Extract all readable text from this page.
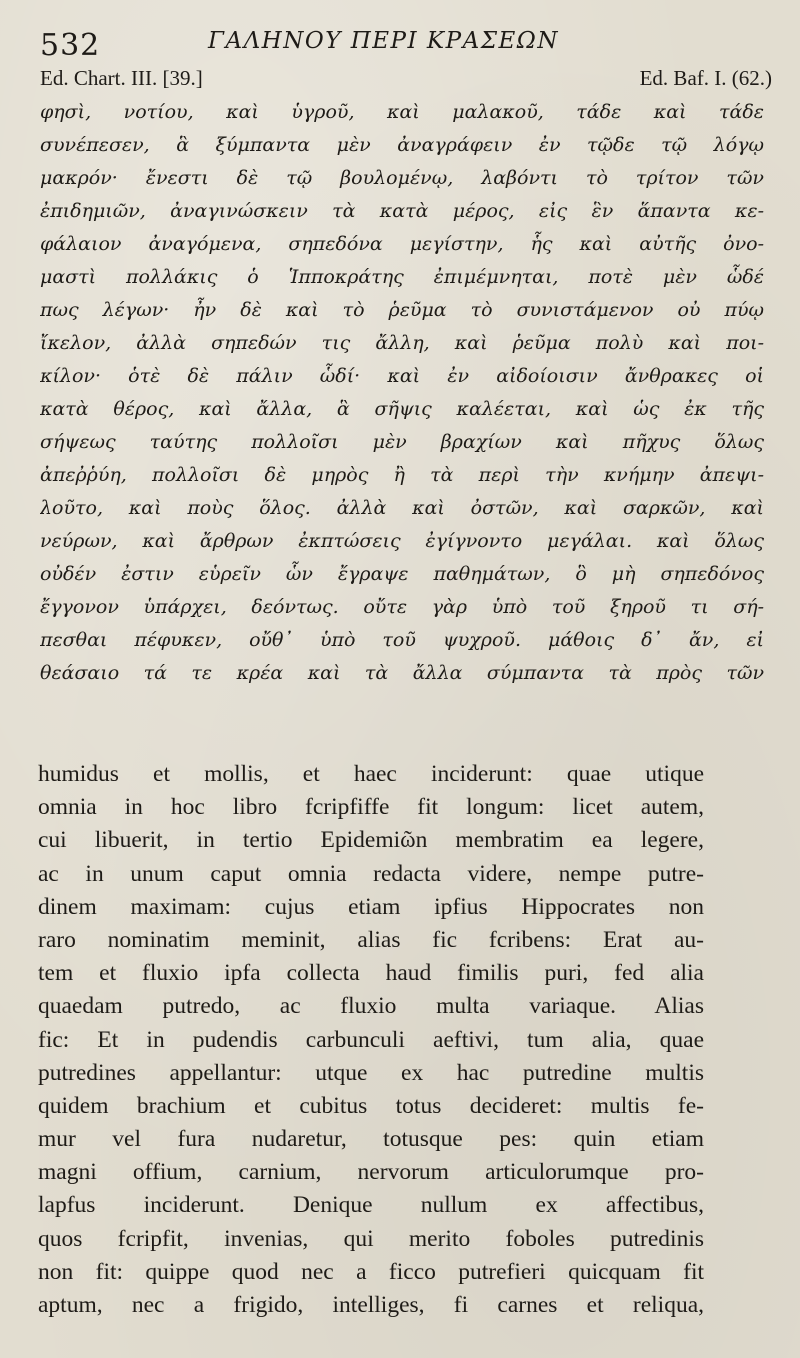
532	ΓΑΛΗΝΟΥ ΠΕΡΙ ΚΡΑΣΕΩΝ
Ed. Chart. III. [39.]	Ed. Baf. I. (62.)
φησὶ, νοτίου, καὶ ὑγροῦ, καὶ μαλακοῦ, τάδε καὶ τάδε
συνέπεσεν, ἃ ξύμπαντα μὲν ἀναγράφειν ἐν τῷδε τῷ λόγῳ
μακρόν· ἔνεστι δὲ τῷ βουλομένῳ, λαβόντι τὸ τρίτον τῶν
ἐπιδημιῶν, ἀναγινώσκειν τὰ κατὰ μέρος, εἰς ἓν ἅπαντα κε-
φάλαιον ἀναγόμενα, σηπεδόνα μεγίστην, ἧς καὶ αὐτῆς ὀνο-
μαστὶ πολλάκις ὁ Ἱπποκράτης ἐπιμέμνηται, ποτὲ μὲν ὧδέ
πως λέγων· ἦν δὲ καὶ τὸ ῥεῦμα τὸ συνιστάμενον οὐ πύῳ
ἴκελον, ἀλλὰ σηπεδών τις ἄλλη, καὶ ῥεῦμα πολὺ καὶ ποι-
κίλον· ὁτὲ δὲ πάλιν ὧδί· καὶ ἐν αἰδοίοισιν ἄνθρακες οἱ
κατὰ θέρος, καὶ ἄλλα, ἃ σῆψις καλέεται, καὶ ὡς ἐκ τῆς
σήψεως ταύτης πολλοῖσι μὲν βραχίων καὶ πῆχυς ὅλως
ἀπεῤῥύη, πολλοῖσι δὲ μηρὸς ἢ τὰ περὶ τὴν κνήμην ἀπεψι-
λοῦτο, καὶ ποὺς ὅλος. ἀλλὰ καὶ ὀστῶν, καὶ σαρκῶν, καὶ
νεύρων, καὶ ἄρθρων ἐκπτώσεις ἐγίγνοντο μεγάλαι. καὶ ὅλως
οὐδέν ἐστιν εὑρεῖν ὧν ἔγραψε παθημάτων, ὃ μὴ σηπεδόνος
ἔγγονον ὑπάρχει, δεόντως. οὔτε γὰρ ὑπὸ τοῦ ξηροῦ τι σή-
πεσθαι πέφυκεν, οὔθ᾽ ὑπὸ τοῦ ψυχροῦ. μάθοις δ᾽ ἄν, εἰ
θεάσαιο τά τε κρέα καὶ τὰ ἄλλα σύμπαντα τὰ πρὸς τῶν
humidus et mollis, et haec inciderunt: quae utique
omnia in hoc libro fcripfiffe fit longum: licet autem,
cui libuerit, in tertio Epidemiῶn membratim ea legere,
ac in unum caput omnia redacta videre, nempe putre-
dinem maximam: cujus etiam ipfius Hippocrates non
raro nominatim meminit, alias fic fcribens: Erat au-
tem et fluxio ipfa collecta haud fimilis puri, fed alia
quaedam putredo, ac fluxio multa variaque. Alias
fic: Et in pudendis carbunculi aeftivi, tum alia, quae
putredines appellantur: utque ex hac putredine multis
quidem brachium et cubitus totus decideret: multis fe-
mur vel fura nudaretur, totusque pes: quin etiam
magni offium, carnium, nervorum articulorumque pro-
lapfus inciderunt. Denique nullum ex affectibus,
quos fcripfit, invenias, qui merito foboles putredinis
non fit: quippe quod nec a ficco putrefieri quicquam fit
aptum, nec a frigido, intelliges, fi carnes et reliqua,
